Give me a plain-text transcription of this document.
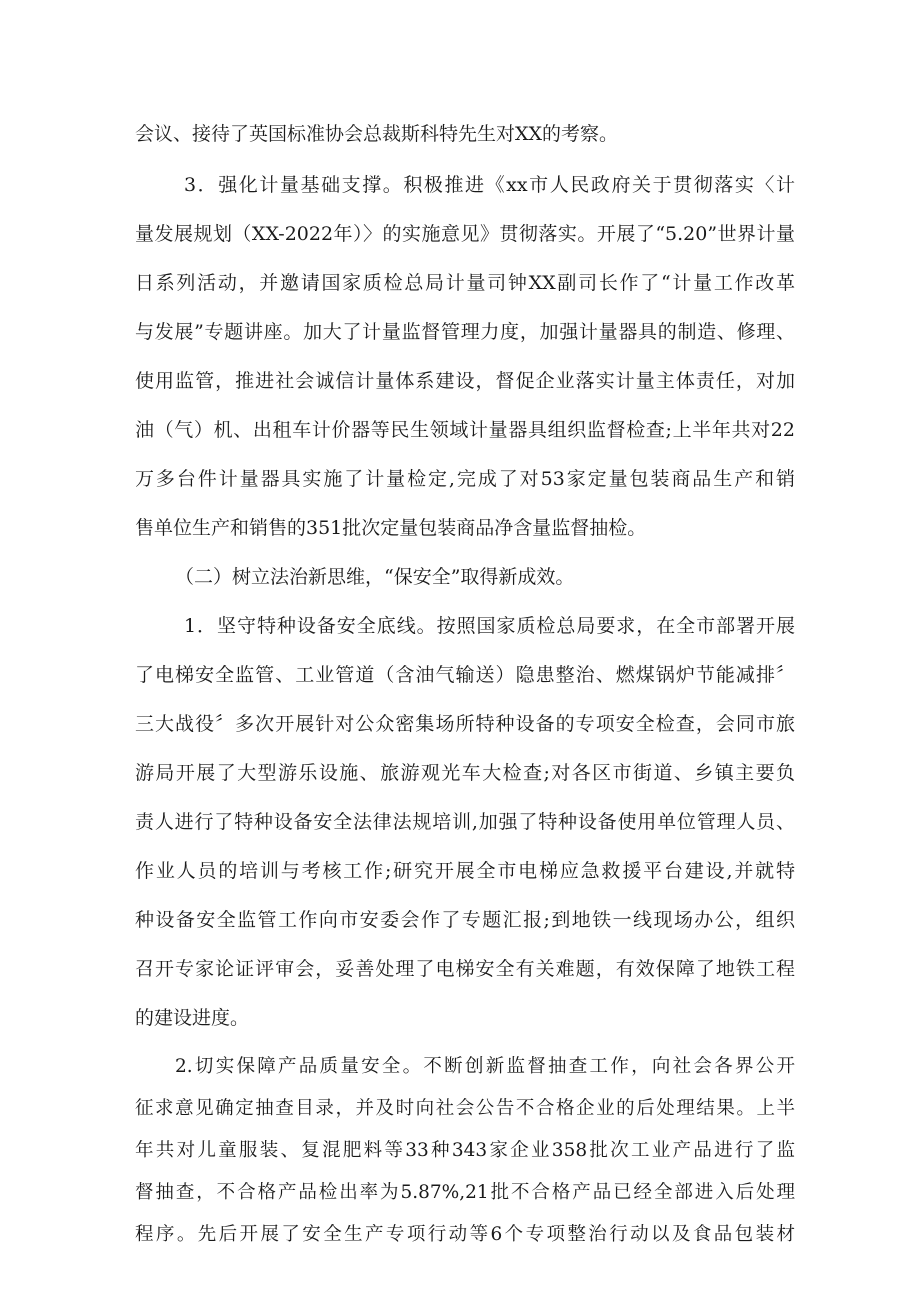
会议、接待了英国标准协会总裁斯科特先生对XX的考察。
3．强化计量基础支撑。积极推进《xx市人民政府关于贯彻落实〈计
量发展规划（XX-2022年）〉的实施意见》贯彻落实。开展了“5.20”世界计量
日系列活动，并邀请国家质检总局计量司钟XX副司长作了“计量工作改革
与发展”专题讲座。加大了计量监督管理力度，加强计量器具的制造、修理、
使用监管，推进社会诚信计量体系建设，督促企业落实计量主体责任，对加
油（气）机、出租车计价器等民生领域计量器具组织监督检查;上半年共对22
万多台件计量器具实施了计量检定,完成了对53家定量包装商品生产和销
售单位生产和销售的351批次定量包装商品净含量监督抽检。
（二）树立法治新思维，“保安全”取得新成效。
1．坚守特种设备安全底线。按照国家质检总局要求，在全市部署开展
了电梯安全监管、工业管道（含油气输送）隐患整治、燃煤锅炉节能减排〞
三大战役〞多次开展针对公众密集场所特种设备的专项安全检查，会同市旅
游局开展了大型游乐设施、旅游观光车大检查;对各区市街道、乡镇主要负
责人进行了特种设备安全法律法规培训,加强了特种设备使用单位管理人员、
作业人员的培训与考核工作;研究开展全市电梯应急救援平台建设,并就特
种设备安全监管工作向市安委会作了专题汇报;到地铁一线现场办公，组织
召开专家论证评审会，妥善处理了电梯安全有关难题，有效保障了地铁工程
的建设进度。
2.切实保障产品质量安全。不断创新监督抽查工作，向社会各界公开
征求意见确定抽查目录，并及时向社会公告不合格企业的后处理结果。上半
年共对儿童服装、复混肥料等33种343家企业358批次工业产品进行了监
督抽查，不合格产品检出率为5.87%,21批不合格产品已经全部进入后处理
程序。先后开展了安全生产专项行动等6个专项整治行动以及食品包装材
